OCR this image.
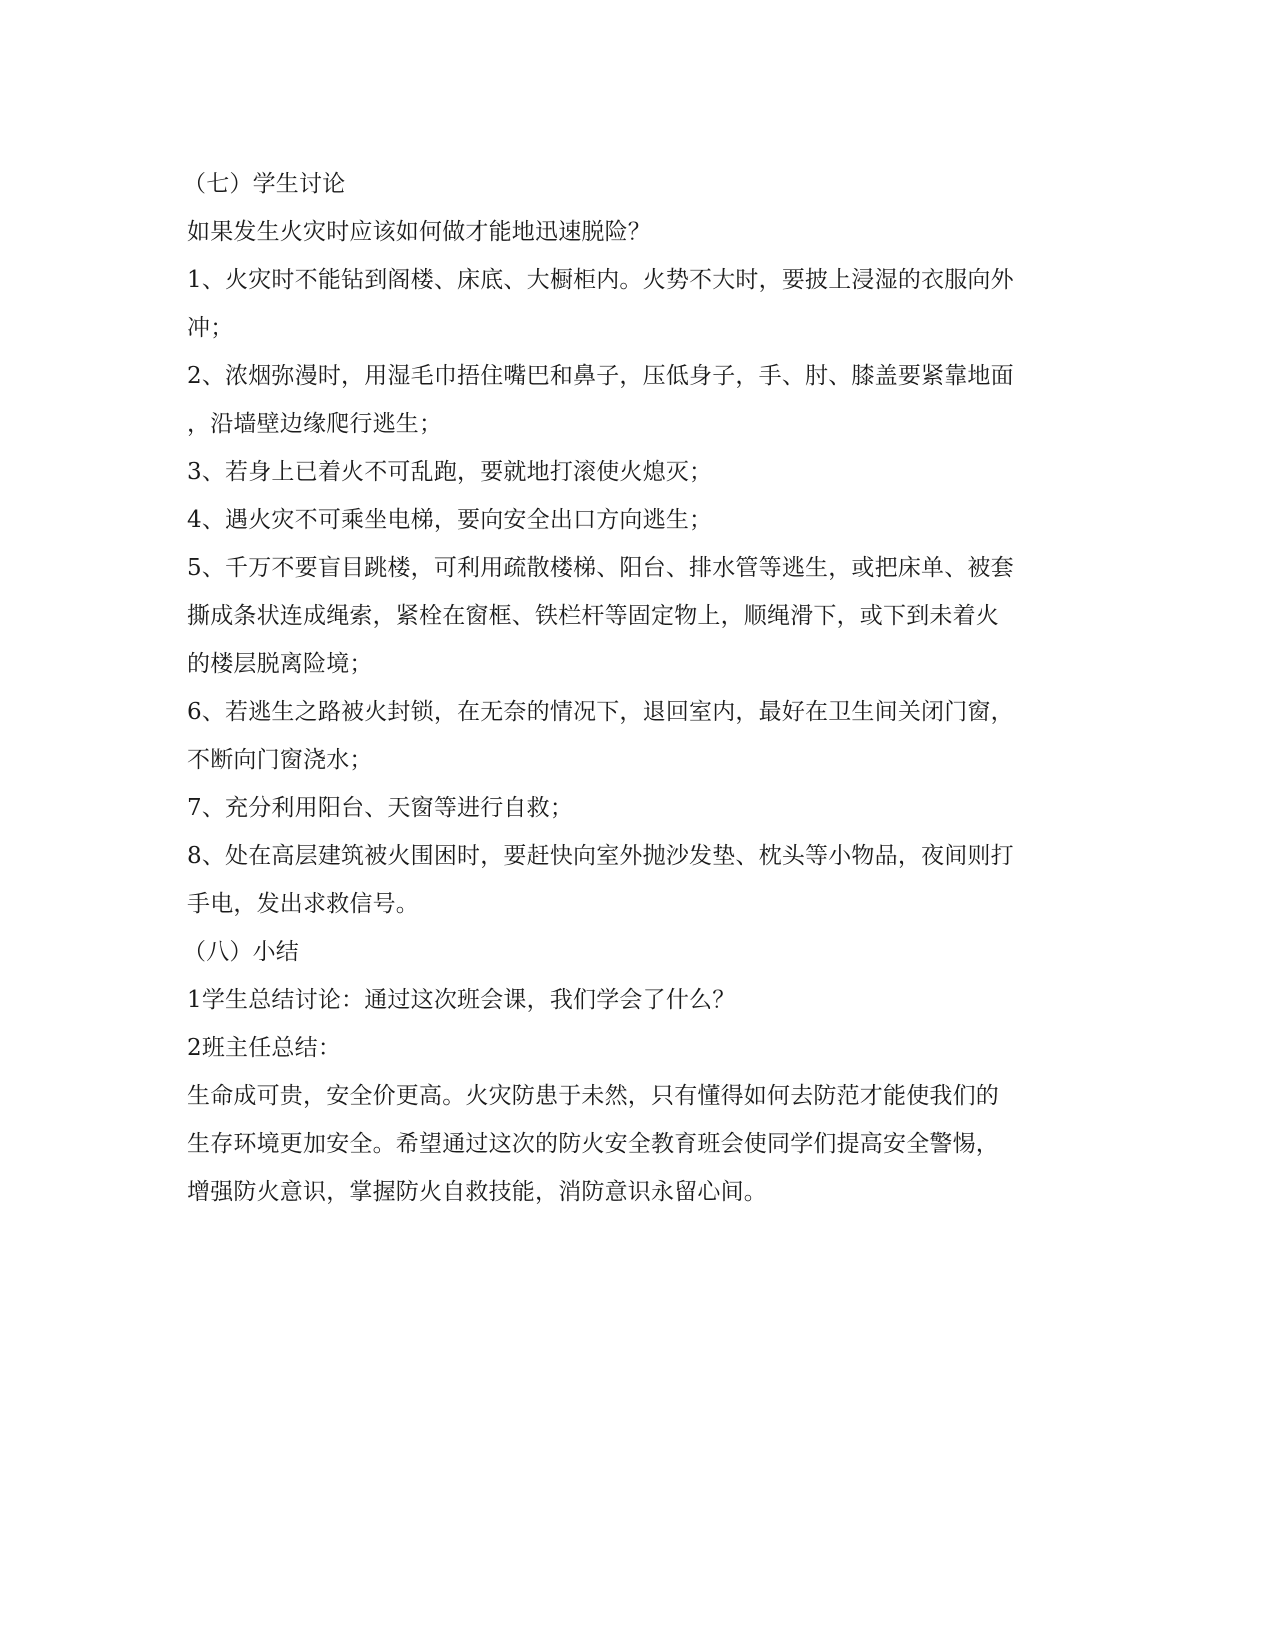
（七）学生讨论
如果发生火灾时应该如何做才能地迅速脱险？
1、火灾时不能钻到阁楼、床底、大橱柜内。火势不大时，要披上浸湿的衣服向外
冲；
2、浓烟弥漫时，用湿毛巾捂住嘴巴和鼻子，压低身子，手、肘、膝盖要紧靠地面
，沿墙壁边缘爬行逃生；
3、若身上已着火不可乱跑，要就地打滚使火熄灭；
4、遇火灾不可乘坐电梯，要向安全出口方向逃生；
5、千万不要盲目跳楼，可利用疏散楼梯、阳台、排水管等逃生，或把床单、被套
撕成条状连成绳索，紧栓在窗框、铁栏杆等固定物上，顺绳滑下，或下到未着火
的楼层脱离险境；
6、若逃生之路被火封锁，在无奈的情况下，退回室内，最好在卫生间关闭门窗，
不断向门窗浇水；
7、充分利用阳台、天窗等进行自救；
8、处在高层建筑被火围困时，要赶快向室外抛沙发垫、枕头等小物品，夜间则打
手电，发出求救信号。
（八）小结
1学生总结讨论：通过这次班会课，我们学会了什么？
2班主任总结：
生命成可贵，安全价更高。火灾防患于未然，只有懂得如何去防范才能使我们的
生存环境更加安全。希望通过这次的防火安全教育班会使同学们提高安全警惕，
增强防火意识，掌握防火自救技能，消防意识永留心间。
